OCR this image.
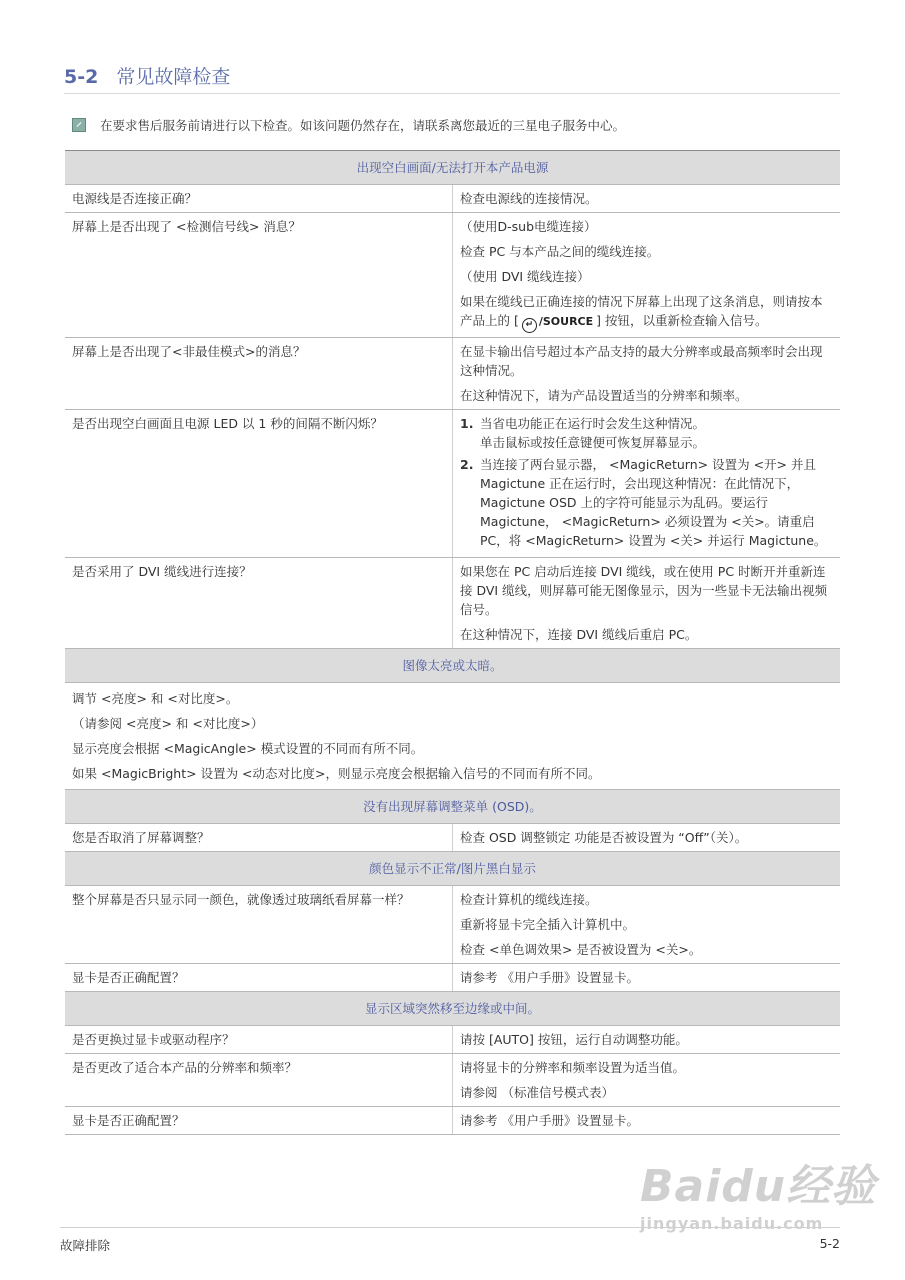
5-2 常见故障检查
在要求售后服务前请进行以下检查。如该问题仍然存在，请联系离您最近的三星电子服务中心。
出现空白画面/无法打开本产品电源	
电源线是否连接正确？	检查电源线的连接情况。
屏幕上是否出现了 <检测信号线> 消息？	（使用D-sub电缆连接）
检查 PC 与本产品之间的缆线连接。
（使用 DVI 缆线连接）
如果在缆线已正确连接的情况下屏幕上出现了这条消息，则请按本产品上的 [ ↵ /SOURCE ] 按钮，以重新检查输入信号。

屏幕上是否出现了<非最佳模式>的消息？	在显卡输出信号超过本产品支持的最大分辨率或最高频率时会出现这种情况。
在这种情况下，请为产品设置适当的分辨率和频率。

是否出现空白画面且电源 LED 以 1 秒的间隔不断闪烁？	1. 当省电功能正在运行时会发生这种情况。
单击鼠标或按任意键便可恢复屏幕显示。
2. 当连接了两台显示器， <MagicReturn> 设置为 <开> 并且 Magictune 正在运行时，会出现这种情况：在此情况下，Magictune OSD 上的字符可能显示为乱码。要运行 Magictune， <MagicReturn> 必须设置为 <关>。请重启 PC，将 <MagicReturn> 设置为 <关> 并运行 Magictune。

是否采用了 DVI 缆线进行连接？	如果您在 PC 启动后连接 DVI 缆线，或在使用 PC 时断开并重新连接 DVI 缆线，则屏幕可能无图像显示，因为一些显卡无法输出视频信号。
在这种情况下，连接 DVI 缆线后重启 PC。

图像太亮或太暗。	

调节 <亮度> 和 <对比度>。
（请参阅 <亮度> 和 <对比度>）
显示亮度会根据 <MagicAngle> 模式设置的不同而有所不同。
如果 <MagicBright> 设置为 <动态对比度>，则显示亮度会根据输入信号的不同而有所不同。	

没有出现屏幕调整菜单 (OSD)。	
您是否取消了屏幕调整？	检查 OSD 调整锁定 功能是否被设置为 “Off”（关）。
颜色显示不正常/图片黑白显示	
整个屏幕是否只显示同一颜色，就像透过玻璃纸看屏幕一样？	检查计算机的缆线连接。
重新将显卡完全插入计算机中。
检查 <单色调效果> 是否被设置为 <关>。

显卡是否正确配置？	请参考 《用户手册》设置显卡。
显示区域突然移至边缘或中间。	
是否更换过显卡或驱动程序？	请按 [AUTO] 按钮，运行自动调整功能。
是否更改了适合本产品的分辨率和频率？	请将显卡的分辨率和频率设置为适当值。
请参阅 （标准信号模式表）

显卡是否正确配置？	请参考 《用户手册》设置显卡。
Baidu经验
jingyan.baidu.com
故障排除	5-2
